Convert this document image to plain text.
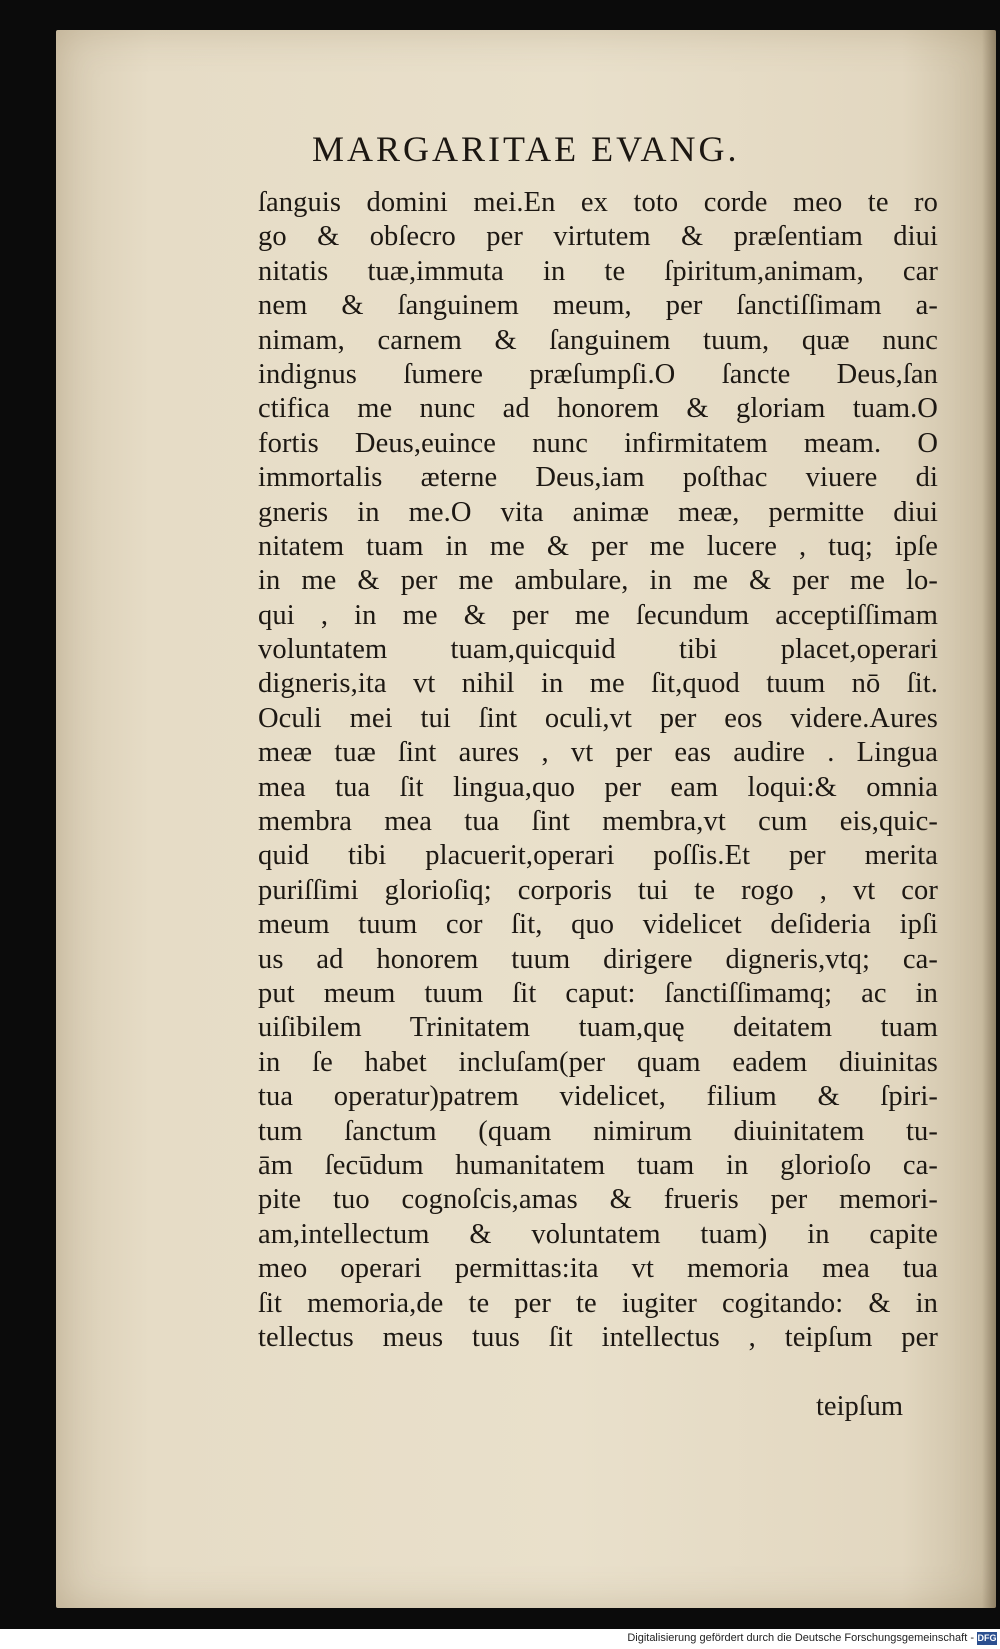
MARGARITAE EVANG.
ſanguis domini mei.En ex toto corde meo te ro
go & obſecro per virtutem & præſentiam diui
nitatis tuæ,immuta in te ſpiritum,animam, car
nem & ſanguinem meum, per ſanctiſſimam a-
nimam, carnem & ſanguinem tuum, quæ nunc
indignus ſumere præſumpſi.O ſancte Deus,ſan
ctifica me nunc ad honorem & gloriam tuam.O
fortis Deus,euince nunc infirmitatem meam. O
immortalis æterne Deus,iam poſthac viuere di
gneris in me.O vita animæ meæ, permitte diui
nitatem tuam in me & per me lucere , tuq; ipſe
in me & per me ambulare, in me & per me lo-
qui , in me & per me ſecundum acceptiſſimam
voluntatem tuam,quicquid tibi placet,operari
digneris,ita vt nihil in me ſit,quod tuum nō ſit.
Oculi mei tui ſint oculi,vt per eos videre.Aures
meæ tuæ ſint aures , vt per eas audire . Lingua
mea tua ſit lingua,quo per eam loqui:& omnia
membra mea tua ſint membra,vt cum eis,quic-
quid tibi placuerit,operari poſſis.Et per merita
puriſſimi glorioſiq; corporis tui te rogo , vt cor
meum tuum cor ſit, quo videlicet deſideria ipſi
us ad honorem tuum dirigere digneris,vtq; ca-
put meum tuum ſit caput: ſanctiſſimamq; ac in
uiſibilem Trinitatem tuam,quę deitatem tuam
in ſe habet incluſam(per quam eadem diuinitas
tua operatur)patrem videlicet, filium & ſpiri-
tum ſanctum (quam nimirum diuinitatem tu-
ām ſecūdum humanitatem tuam in glorioſo ca-
pite tuo cognoſcis,amas & frueris per memori-
am,intellectum & voluntatem tuam) in capite
meo operari permittas:ita vt memoria mea tua
ſit memoria,de te per te iugiter cogitando: & in
tellectus meus tuus ſit intellectus , teipſum per
teipſum
Digitalisierung gefördert durch die Deutsche Forschungsgemeinschaft - DFG
